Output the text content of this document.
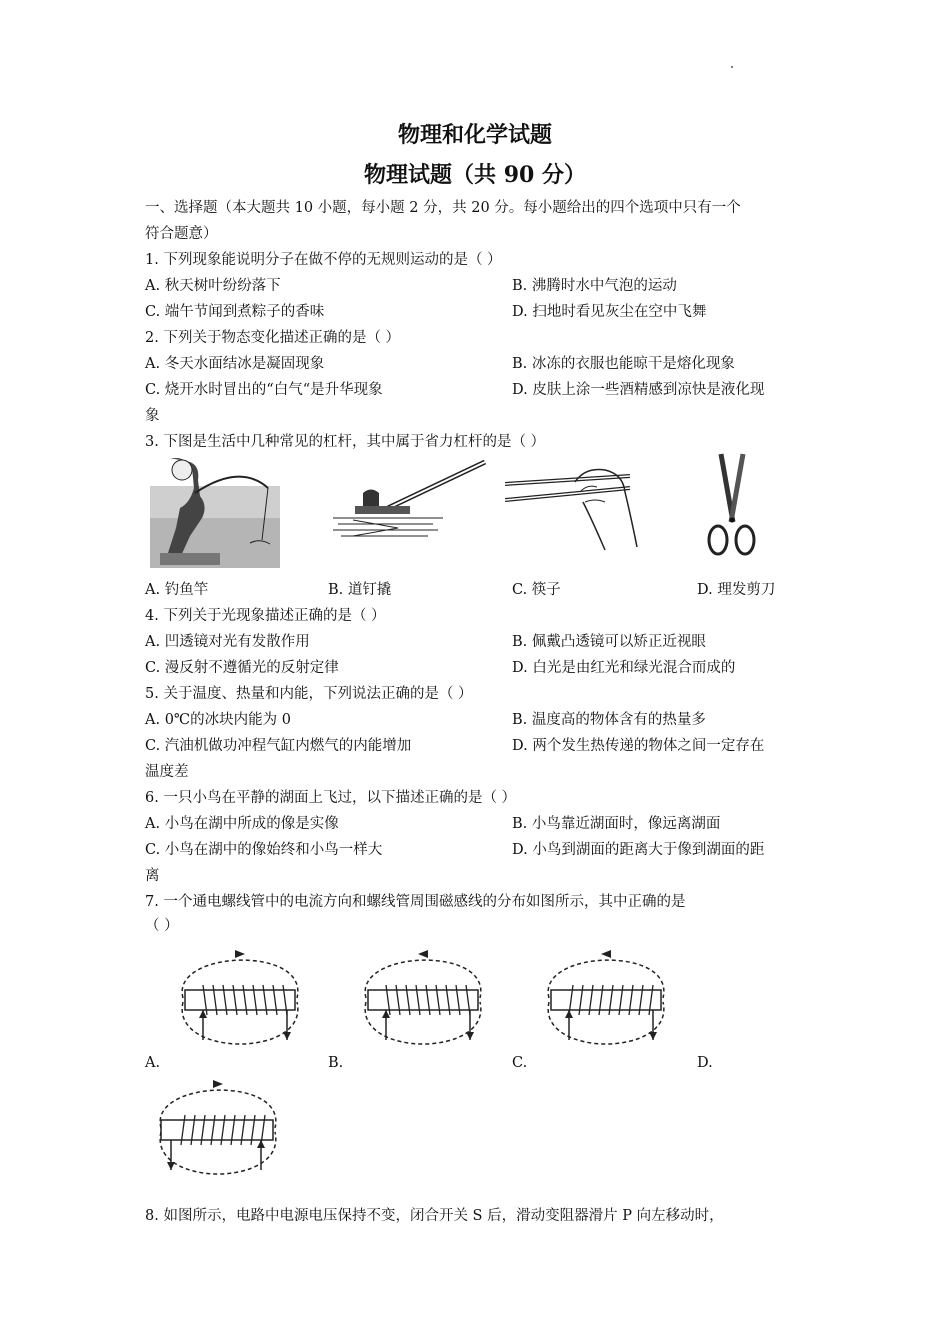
物理和化学试题
物理试题（共 90 分）
一、选择题（本大题共 10 小题，每小题 2 分，共 20 分。每小题给出的四个选项中只有一个
符合题意）
1. 下列现象能说明分子在做不停的无规则运动的是（ ）
A. 秋天树叶纷纷落下	B. 沸腾时水中气泡的运动
C. 端午节闻到煮粽子的香味	D. 扫地时看见灰尘在空中飞舞
2. 下列关于物态变化描述正确的是（ ）
A. 冬天水面结冰是凝固现象	B. 冰冻的衣服也能晾干是熔化现象
C. 烧开水时冒出的“白气“是升华现象	D. 皮肤上涂一些酒精感到凉快是液化现
象
3. 下图是生活中几种常见的杠杆，其中属于省力杠杆的是（ ）
A. 钓鱼竿	B. 道钉撬	C. 筷子	D. 理发剪刀
4. 下列关于光现象描述正确的是（ ）
A. 凹透镜对光有发散作用	B. 佩戴凸透镜可以矫正近视眼
C. 漫反射不遵循光的反射定律	D. 白光是由红光和绿光混合而成的
5. 关于温度、热量和内能，下列说法正确的是（ ）
A. 0℃的冰块内能为 0	B. 温度高的物体含有的热量多
C. 汽油机做功冲程气缸内燃气的内能增加	D. 两个发生热传递的物体之间一定存在
温度差
6. 一只小鸟在平静的湖面上飞过，以下描述正确的是（ ）
A. 小鸟在湖中所成的像是实像	B. 小鸟靠近湖面时，像远离湖面
C. 小鸟在湖中的像始终和小鸟一样大	D. 小鸟到湖面的距离大于像到湖面的距
离
7. 一个通电螺线管中的电流方向和螺线管周围磁感线的分布如图所示，其中正确的是
（ ）
A.	B.	C.	D.
8. 如图所示，电路中电源电压保持不变，闭合开关 S 后，滑动变阻器滑片 P 向左移动时，
